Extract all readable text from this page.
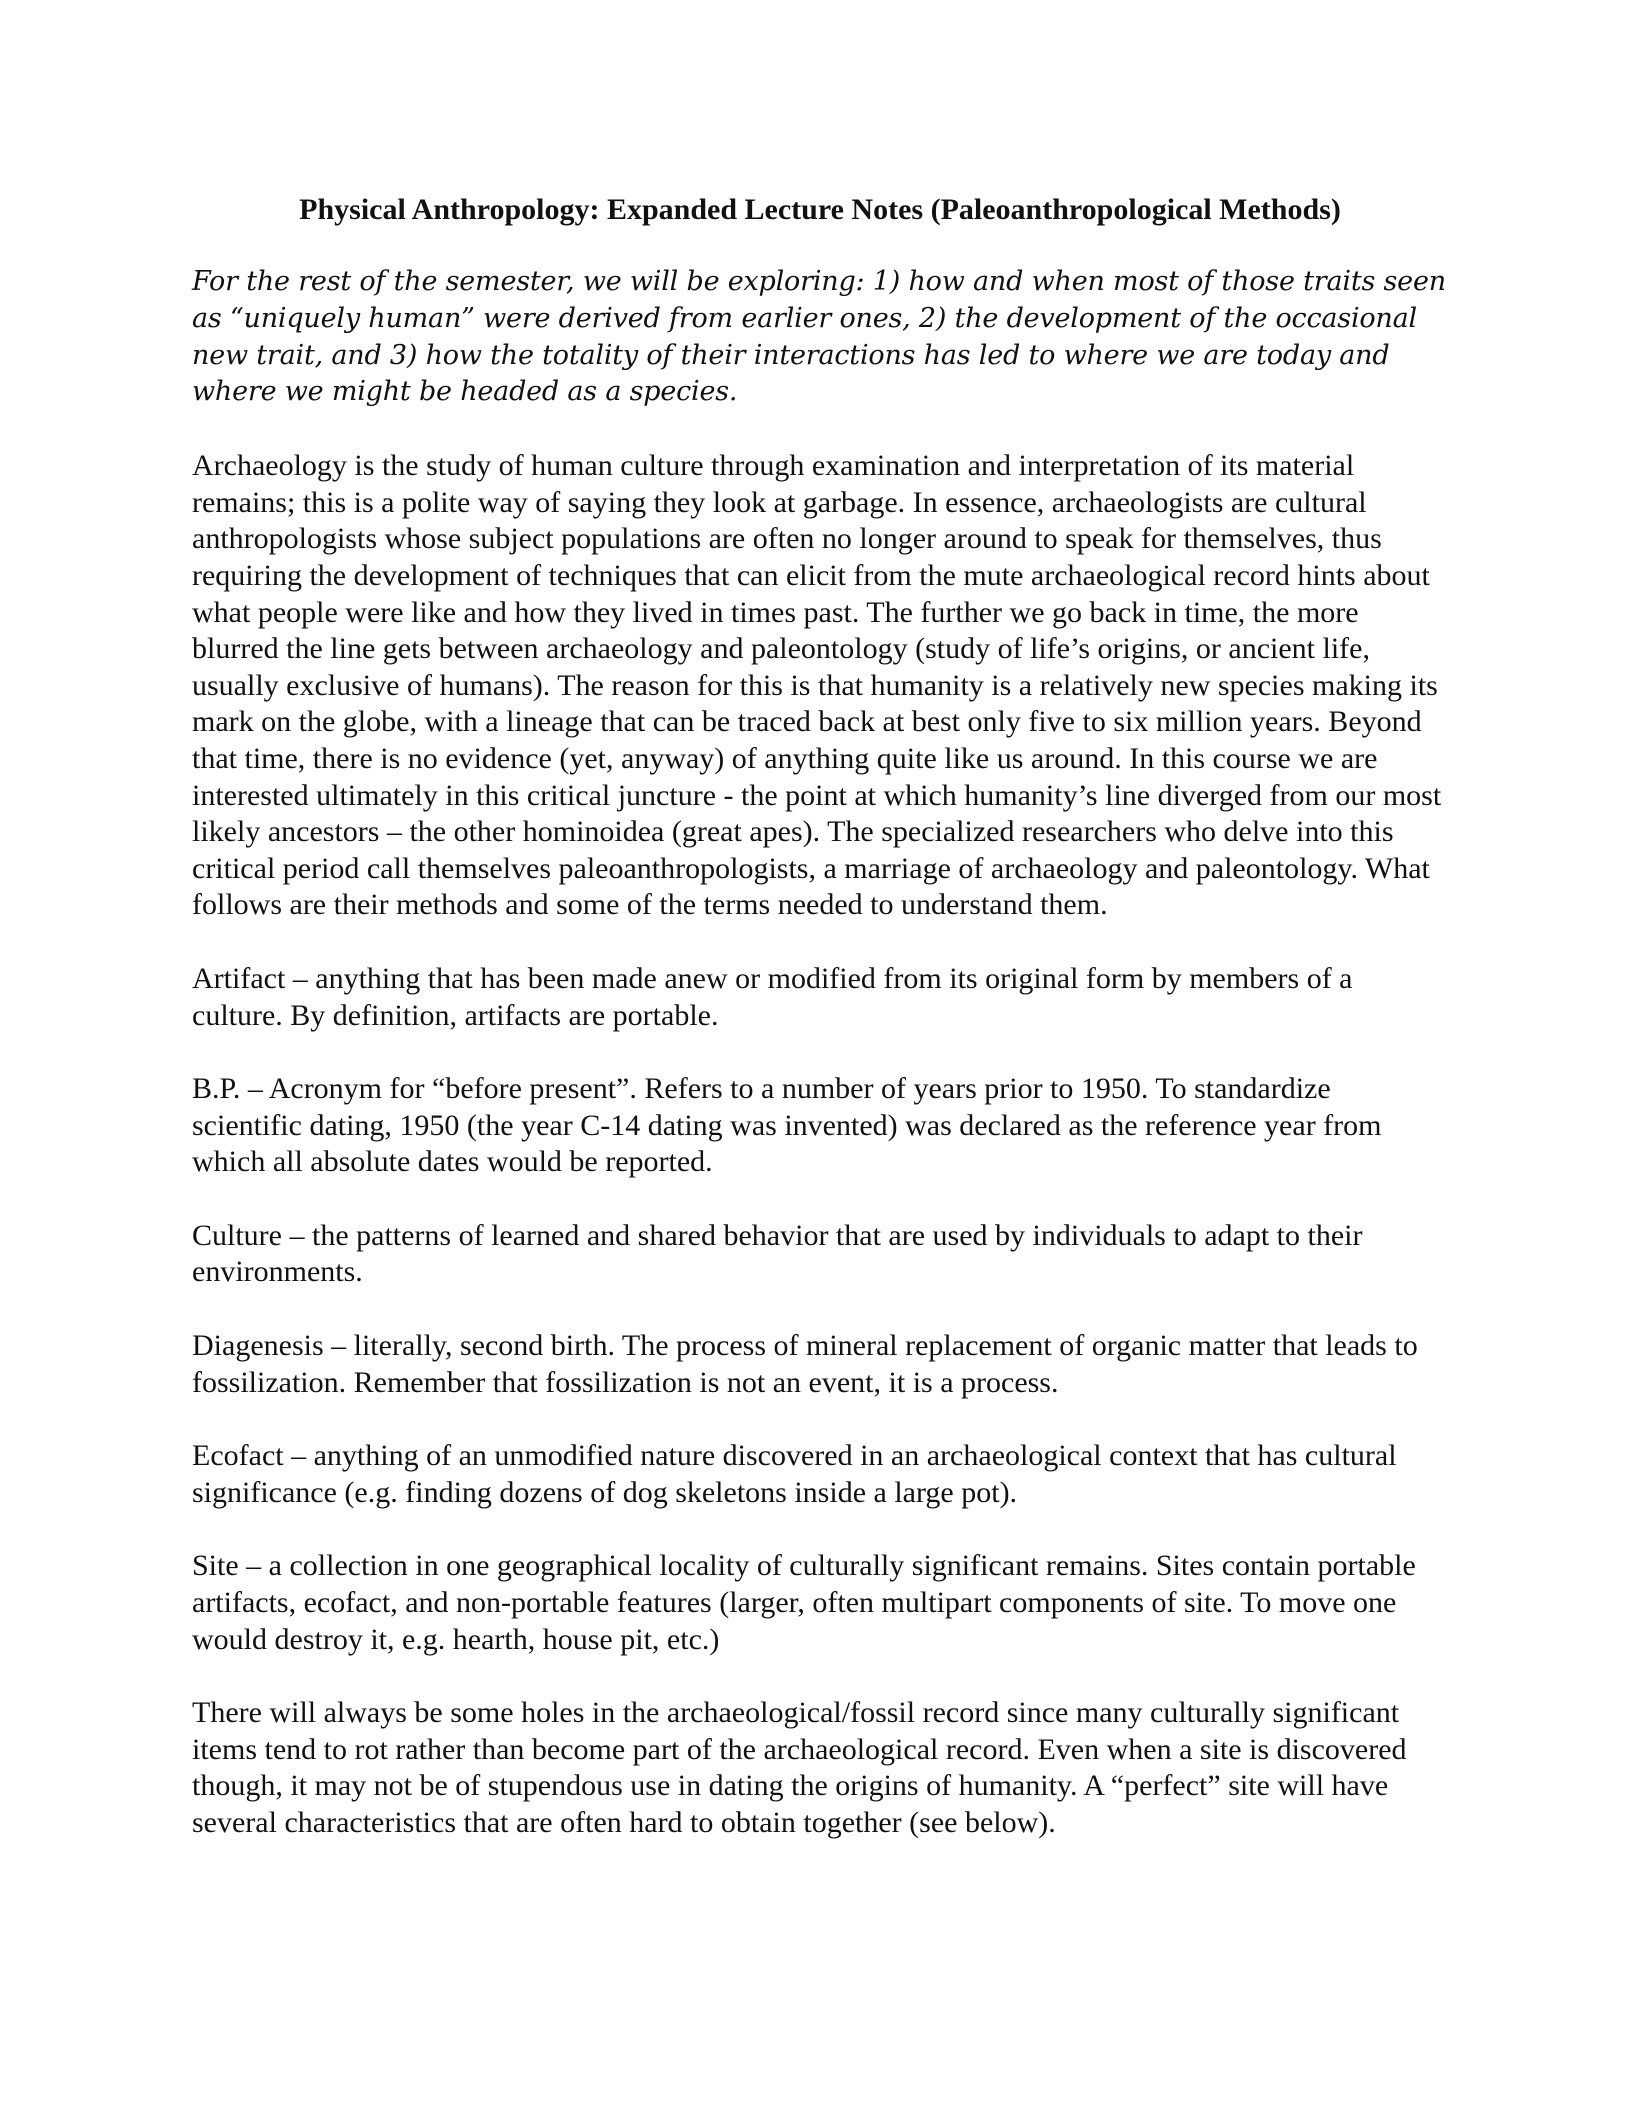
Physical Anthropology: Expanded Lecture Notes (Paleoanthropological Methods)

For the rest of the semester, we will be exploring: 1) how and when most of those traits seen as “uniquely human” were derived from earlier ones, 2) the development of the occasional new trait, and 3) how the totality of their interactions has led to where we are today and where we might be headed as a species.

Archaeology is the study of human culture through examination and interpretation of its material remains; this is a polite way of saying they look at garbage. In essence, archaeologists are cultural anthropologists whose subject populations are often no longer around to speak for themselves, thus requiring the development of techniques that can elicit from the mute archaeological record hints about what people were like and how they lived in times past. The further we go back in time, the more blurred the line gets between archaeology and paleontology (study of life’s origins, or ancient life, usually exclusive of humans). The reason for this is that humanity is a relatively new species making its mark on the globe, with a lineage that can be traced back at best only five to six million years. Beyond that time, there is no evidence (yet, anyway) of anything quite like us around. In this course we are interested ultimately in this critical juncture - the point at which humanity’s line diverged from our most likely ancestors – the other hominoidea (great apes). The specialized researchers who delve into this critical period call themselves paleoanthropologists, a marriage of archaeology and paleontology. What follows are their methods and some of the terms needed to understand them.

Artifact – anything that has been made anew or modified from its original form by members of a culture. By definition, artifacts are portable.

B.P. – Acronym for “before present”. Refers to a number of years prior to 1950. To standardize scientific dating, 1950 (the year C-14 dating was invented) was declared as the reference year from which all absolute dates would be reported.

Culture – the patterns of learned and shared behavior that are used by individuals to adapt to their environments.

Diagenesis – literally, second birth. The process of mineral replacement of organic matter that leads to fossilization. Remember that fossilization is not an event, it is a process.

Ecofact – anything of an unmodified nature discovered in an archaeological context that has cultural significance (e.g. finding dozens of dog skeletons inside a large pot).

Site – a collection in one geographical locality of culturally significant remains. Sites contain portable artifacts, ecofact, and non-portable features (larger, often multipart components of site. To move one would destroy it, e.g. hearth, house pit, etc.)

There will always be some holes in the archaeological/fossil record since many culturally significant items tend to rot rather than become part of the archaeological record. Even when a site is discovered though, it may not be of stupendous use in dating the origins of humanity. A “perfect” site will have several characteristics that are often hard to obtain together (see below).
